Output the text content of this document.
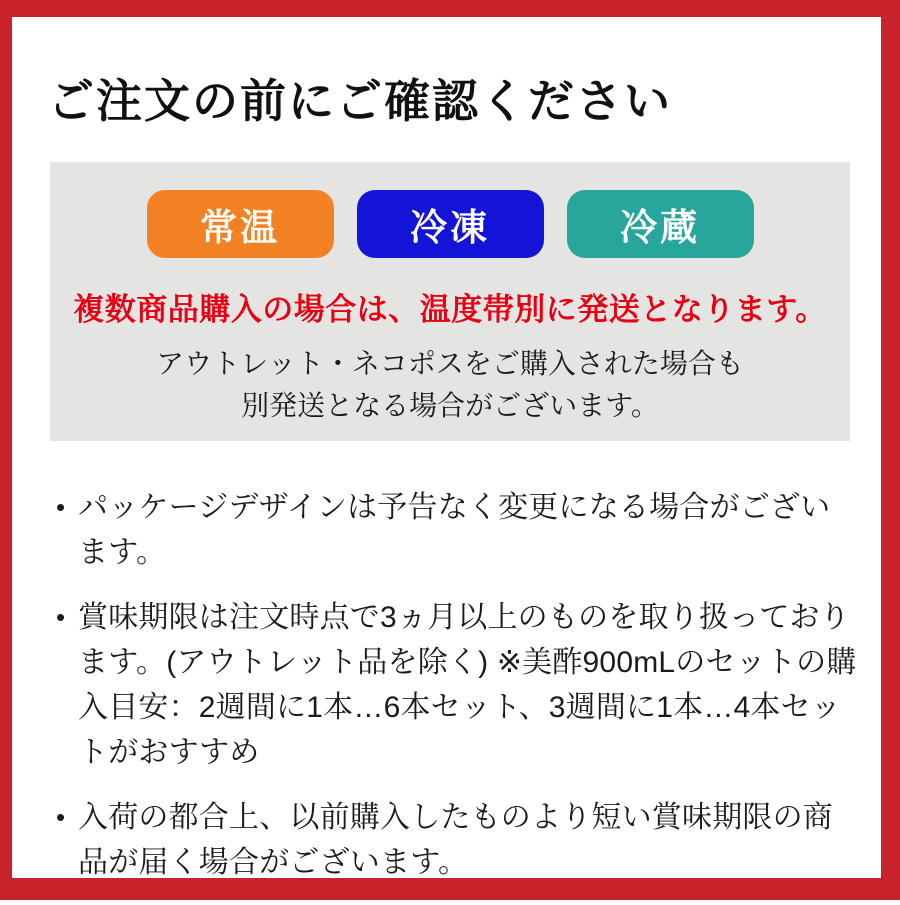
ご注文の前にご確認ください
常温	冷凍	冷蔵
複数商品購入の場合は、温度帯別に発送となります。
アウトレット・ネコポスをご購入された場合も
別発送となる場合がございます。
• パッケージデザインは予告なく変更になる場合がございます。
• 賞味期限は注文時点で3ヵ月以上のものを取り扱っております。(アウトレット品を除く) ※美酢900mLのセットの購入目安：2週間に1本…6本セット、3週間に1本…4本セットがおすすめ
• 入荷の都合上、以前購入したものより短い賞味期限の商品が届く場合がございます。
